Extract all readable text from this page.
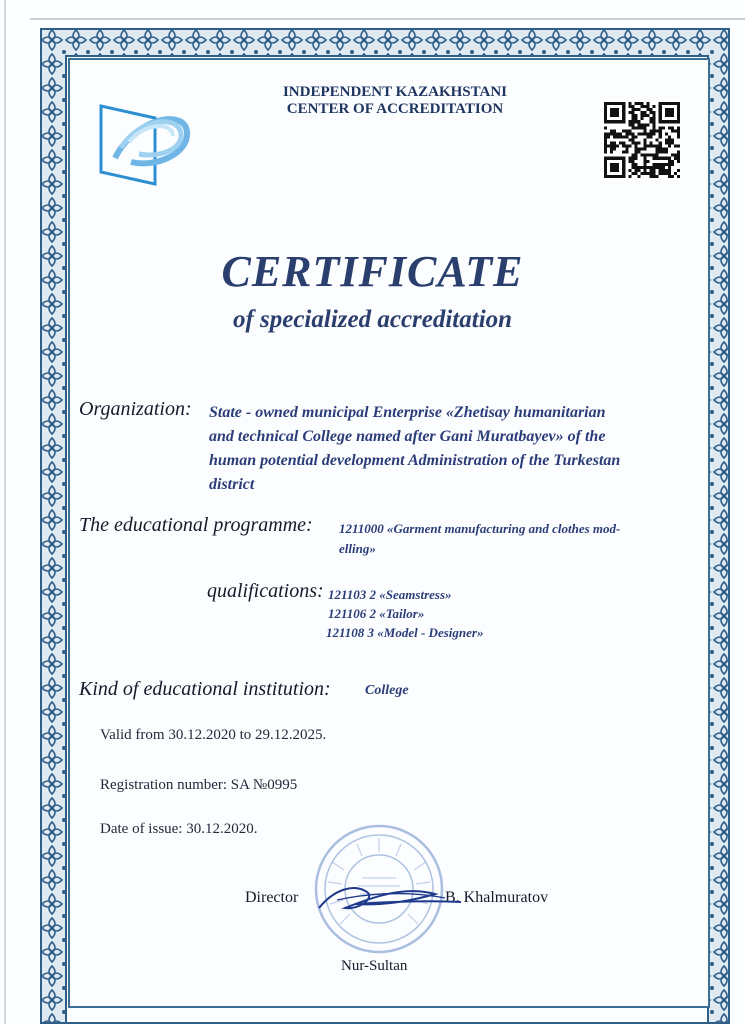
INDEPENDENT KAZAKHSTANI
CENTER OF ACCREDITATION
CERTIFICATE
of specialized accreditation
Organization: State - owned municipal Enterprise «Zhetisay humanitarian
and technical College named after Gani Muratbayev» of the
human potential development Administration of the Turkestan
district
The educational programme: 1211000 «Garment manufacturing and clothes mod-
elling»
qualifications: 121103 2 «Seamstress»
121106 2 «Tailor»
121108 3 «Model - Designer»
Kind of educational institution: College
Valid from 30.12.2020 to 29.12.2025.
Registration number: SA №0995
Date of issue: 30.12.2020.
Director	B. Khalmuratov
Nur-Sultan
